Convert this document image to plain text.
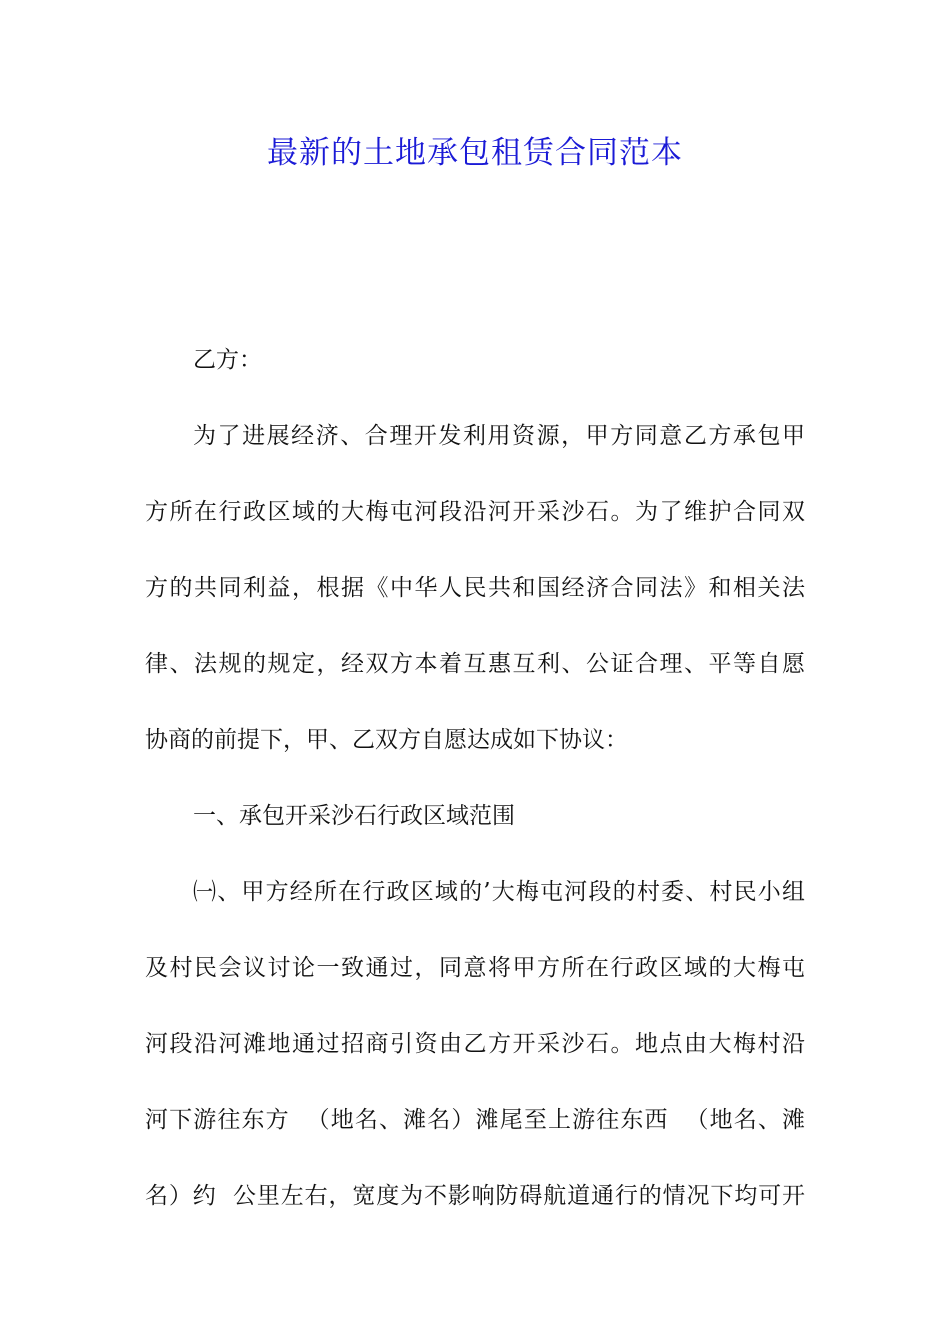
最新的土地承包租赁合同范本
乙方：
为了进展经济、合理开发利用资源，甲方同意乙方承包甲
方所在行政区域的大梅屯河段沿河开采沙石。为了维护合同双
方的共同利益，根据《中华人民共和国经济合同法》和相关法
律、法规的规定，经双方本着互惠互利、公证合理、平等自愿
协商的前提下，甲、乙双方自愿达成如下协议：
一、承包开采沙石行政区域范围
㈠、甲方经所在行政区域的’大梅屯河段的村委、村民小组
及村民会议讨论一致通过，同意将甲方所在行政区域的大梅屯
河段沿河滩地通过招商引资由乙方开采沙石。地点由大梅村沿
河下游往东方  （地名、滩名）滩尾至上游往东西  （地名、滩
名）约  公里左右，宽度为不影响防碍航道通行的情况下均可开
